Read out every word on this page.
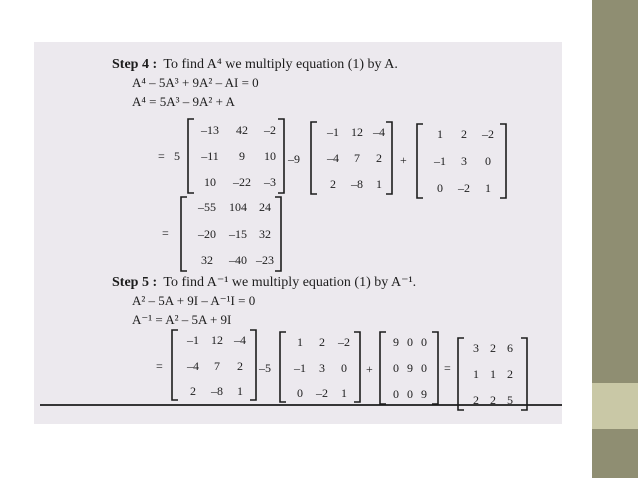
Step 4 : To find A⁴ we multiply equation (1) by A.
A⁴ – 5A³ + 9A² – AI = 0
A⁴ = 5A³ – 9A² + A
= 5
–13 42 –2
–11 9 10
10 –22 –3
–9
–1 12 –4
–4 7 2
2 –8 1
+
1 2 –2
–1 3 0
0 –2 1
=
–55 104 24
–20 –15 32
32 –40 –23
Step 5 : To find A⁻¹ we multiply equation (1) by A⁻¹.
A² – 5A + 9I – A⁻¹I = 0
A⁻¹ = A² – 5A + 9I
=
–1 12 –4
–4 7 2
2 –8 1
–5
1 2 –2
–1 3 0
0 –2 1
+
9 0 0
0 9 0
0 0 9
=
3 2 6
1 1 2
2 2 5
